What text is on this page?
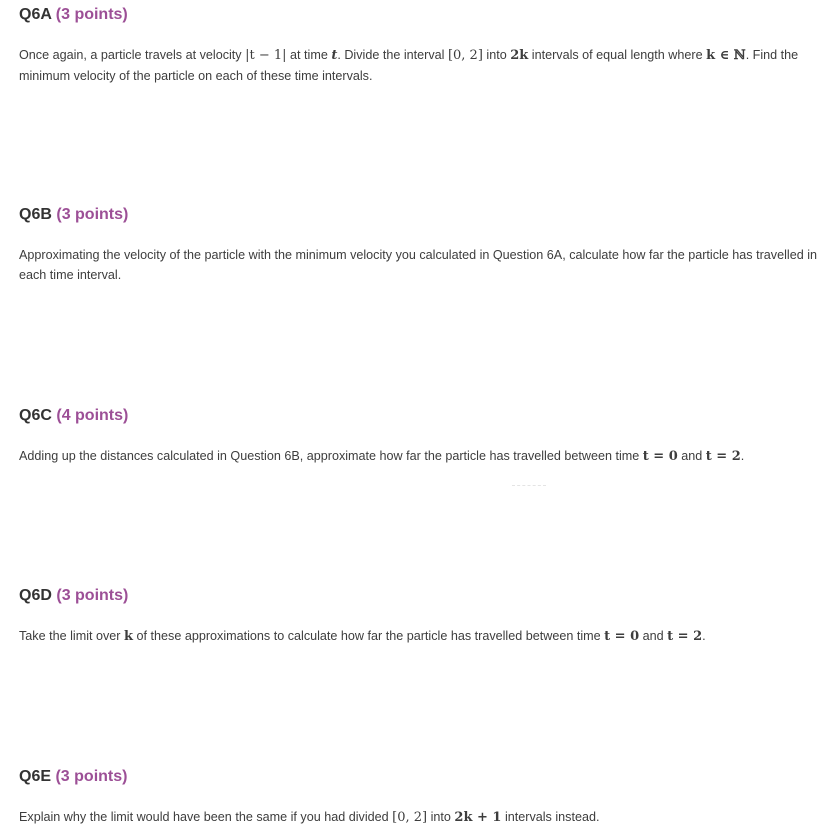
Q6A (3 points)

Once again, a particle travels at velocity |t − 1| at time t. Divide the interval [0, 2] into 2k intervals of equal length where k ∈ ℕ. Find the minimum velocity of the particle on each of these time intervals.

Q6B (3 points)

Approximating the velocity of the particle with the minimum velocity you calculated in Question 6A, calculate how far the particle has travelled in each time interval.

Q6C (4 points)

Adding up the distances calculated in Question 6B, approximate how far the particle has travelled between time t = 0 and t = 2.

Q6D (3 points)

Take the limit over k of these approximations to calculate how far the particle has travelled between time t = 0 and t = 2.

Q6E (3 points)

Explain why the limit would have been the same if you had divided [0, 2] into 2k + 1 intervals instead.
